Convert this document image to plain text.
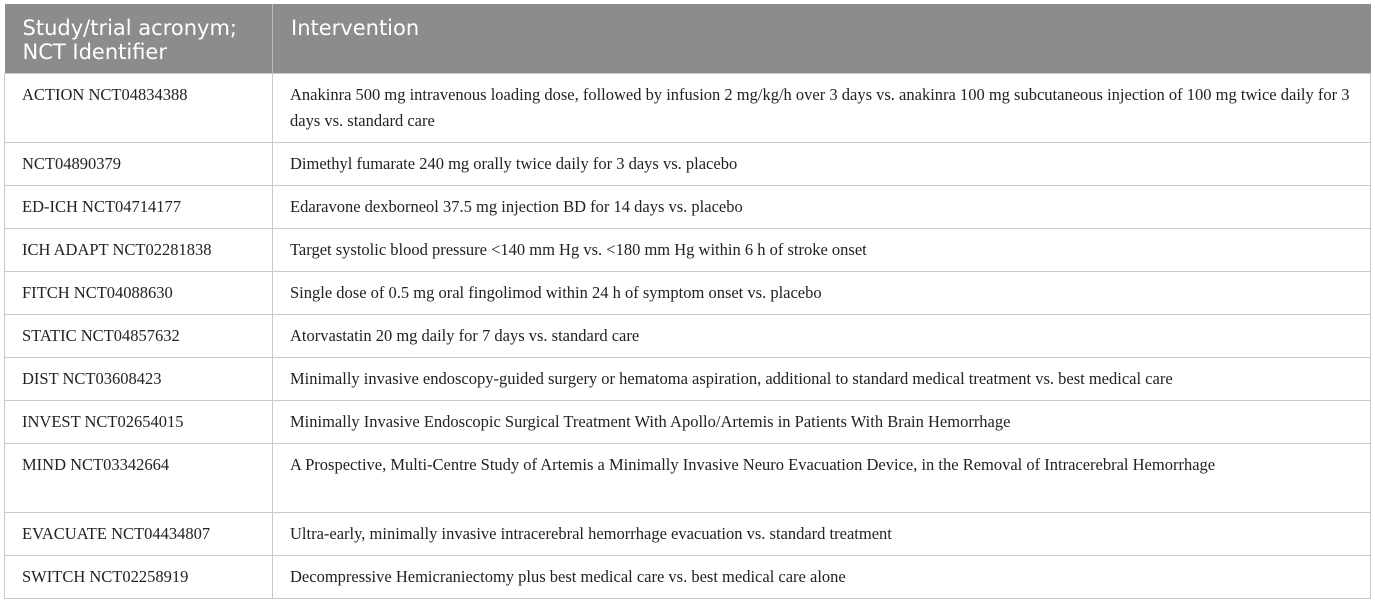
Study/trial acronym; NCT Identifier	Intervention
ACTION NCT04834388	Anakinra 500 mg intravenous loading dose, followed by infusion 2 mg/kg/h over 3 days vs. anakinra 100 mg subcutaneous injection of 100 mg twice daily for 3 days vs. standard care
NCT04890379	Dimethyl fumarate 240 mg orally twice daily for 3 days vs. placebo
ED-ICH NCT04714177	Edaravone dexborneol 37.5 mg injection BD for 14 days vs. placebo
ICH ADAPT NCT02281838	Target systolic blood pressure <140 mm Hg vs. <180 mm Hg within 6 h of stroke onset
FITCH NCT04088630	Single dose of 0.5 mg oral fingolimod within 24 h of symptom onset vs. placebo
STATIC NCT04857632	Atorvastatin 20 mg daily for 7 days vs. standard care
DIST NCT03608423	Minimally invasive endoscopy-guided surgery or hematoma aspiration, additional to standard medical treatment vs. best medical care
INVEST NCT02654015	Minimally Invasive Endoscopic Surgical Treatment With Apollo/Artemis in Patients With Brain Hemorrhage
MIND NCT03342664	A Prospective, Multi-Centre Study of Artemis a Minimally Invasive Neuro Evacuation Device, in the Removal of Intracerebral Hemorrhage
EVACUATE NCT04434807	Ultra-early, minimally invasive intracerebral hemorrhage evacuation vs. standard treatment
SWITCH NCT02258919	Decompressive Hemicraniectomy plus best medical care vs. best medical care alone
